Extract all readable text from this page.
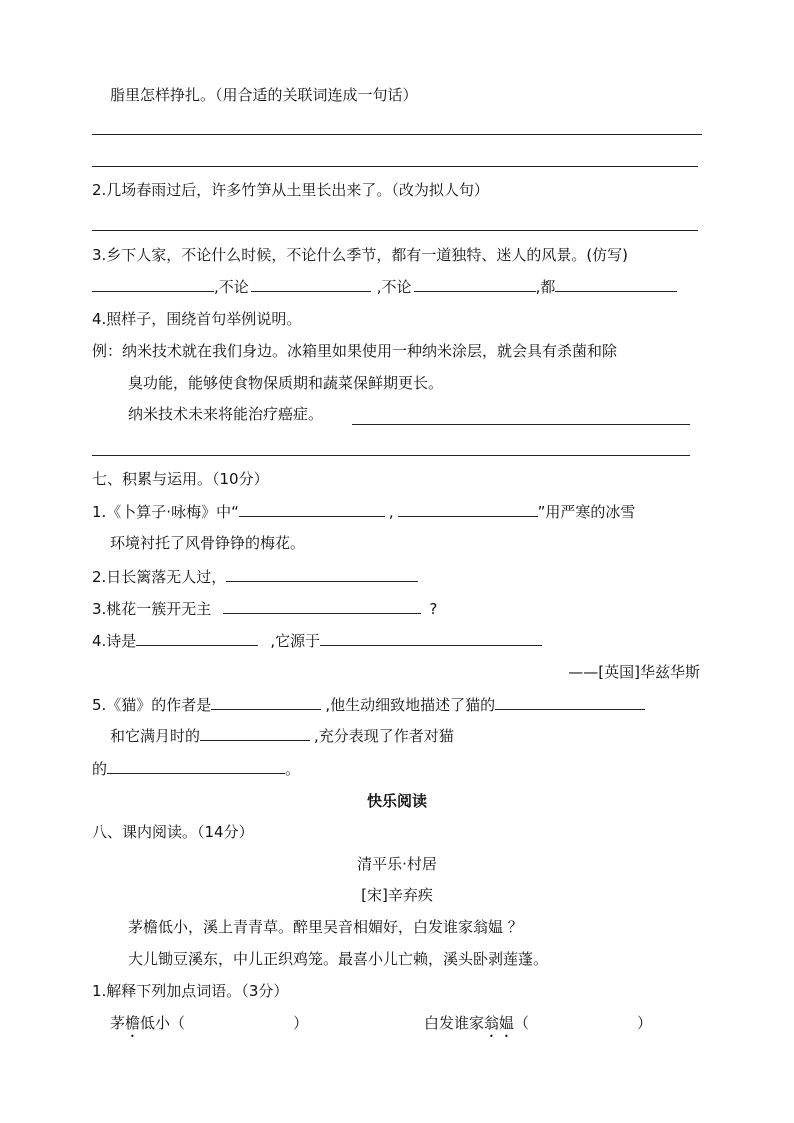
脂里怎样挣扎。（用合适的关联词连成一句话）
2.几场春雨过后，许多竹笋从土里长出来了。（改为拟人句）
3.乡下人家，不论什么时候，不论什么季节，都有一道独特、迷人的风景。(仿写)
,不论	,不论	,都
4.照样子，围绕首句举例说明。
例：纳米技术就在我们身边。冰箱里如果使用一种纳米涂层，就会具有杀菌和除
臭功能，能够使食物保质期和蔬菜保鲜期更长。
纳米技术未来将能治疗癌症。
七、积累与运用。（10分）
1.《卜算子·咏梅》中“	,	”用严寒的冰雪
环境衬托了风骨铮铮的梅花。
2.日长篱落无人过，
3.桃花一簇开无主	?
4.诗是	,它源于
——[英国]华兹华斯
5.《猫》的作者是	,他生动细致地描述了猫的
和它满月时的	,充分表现了作者对猫
的	。
快乐阅读
八、课内阅读。（14分）
清平乐·村居
[宋]辛弃疾
茅檐低小，溪上青青草。醉里吴音相媚好，白发谁家翁媪 ？
大儿锄豆溪东，中儿正织鸡笼。最喜小儿亡赖，溪头卧剥莲蓬。
1.解释下列加点词语。（3分）
茅檐低小（	）	白发谁家翁媪（	）
